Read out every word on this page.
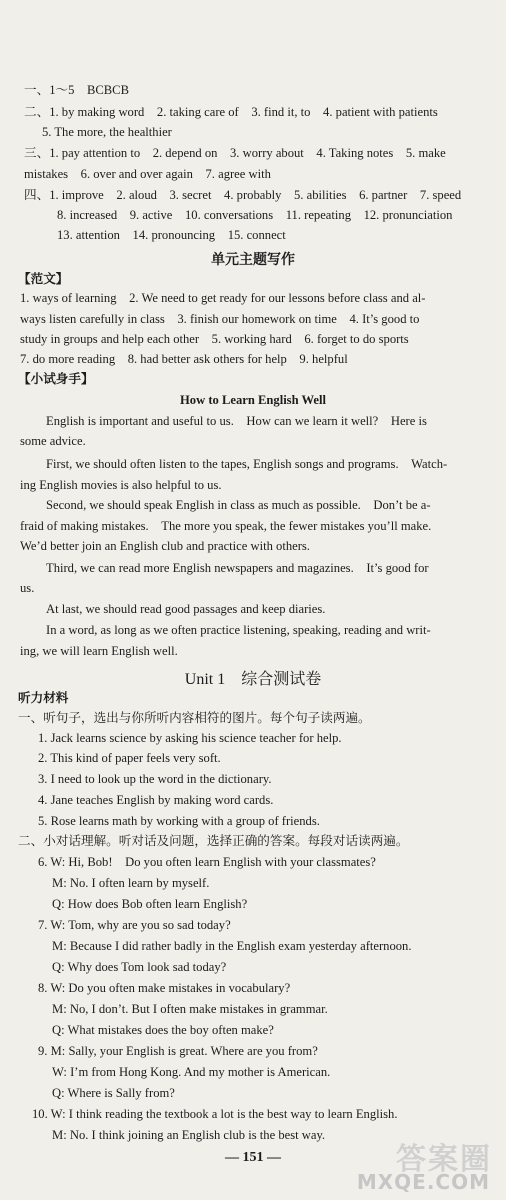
一、1～5　BCBCB
二、1. by making word　2. taking care of　3. find it, to　4. patient with patients
5. The more, the healthier
三、1. pay attention to　2. depend on　3. worry about　4. Taking notes　5. make
mistakes　6. over and over again　7. agree with
四、1. improve　2. aloud　3. secret　4. probably　5. abilities　6. partner　7. speed
8. increased　9. active　10. conversations　11. repeating　12. pronunciation
13. attention　14. pronouncing　15. connect
单元主题写作
【范文】
1. ways of learning　2. We need to get ready for our lessons before class and al-
ways listen carefully in class　3. finish our homework on time　4. It’s good to
study in groups and help each other　5. working hard　6. forget to do sports
7. do more reading　8. had better ask others for help　9. helpful
【小试身手】
How to Learn English Well
English is important and useful to us.　How can we learn it well?　Here is
some advice.
First, we should often listen to the tapes, English songs and programs.　Watch-
ing English movies is also helpful to us.
Second, we should speak English in class as much as possible.　Don’t be a-
fraid of making mistakes.　The more you speak, the fewer mistakes you’ll make.
We’d better join an English club and practice with others.
Third, we can read more English newspapers and magazines.　It’s good for
us.
At last, we should read good passages and keep diaries.
In a word, as long as we often practice listening, speaking, reading and writ-
ing, we will learn English well.
Unit 1　综合测试卷
听力材料
一、听句子，选出与你所听内容相符的图片。每个句子读两遍。
1. Jack learns science by asking his science teacher for help.
2. This kind of paper feels very soft.
3. I need to look up the word in the dictionary.
4. Jane teaches English by making word cards.
5. Rose learns math by working with a group of friends.
二、小对话理解。听对话及问题，选择正确的答案。每段对话读两遍。
6. W: Hi, Bob!　Do you often learn English with your classmates?
M: No. I often learn by myself.
Q: How does Bob often learn English?
7. W: Tom, why are you so sad today?
M: Because I did rather badly in the English exam yesterday afternoon.
Q: Why does Tom look sad today?
8. W: Do you often make mistakes in vocabulary?
M: No, I don’t. But I often make mistakes in grammar.
Q: What mistakes does the boy often make?
9. M: Sally, your English is great. Where are you from?
W: I’m from Hong Kong. And my mother is American.
Q: Where is Sally from?
10. W: I think reading the textbook a lot is the best way to learn English.
M: No. I think joining an English club is the best way.
— 151 —	答案圈
MXQE.COM
